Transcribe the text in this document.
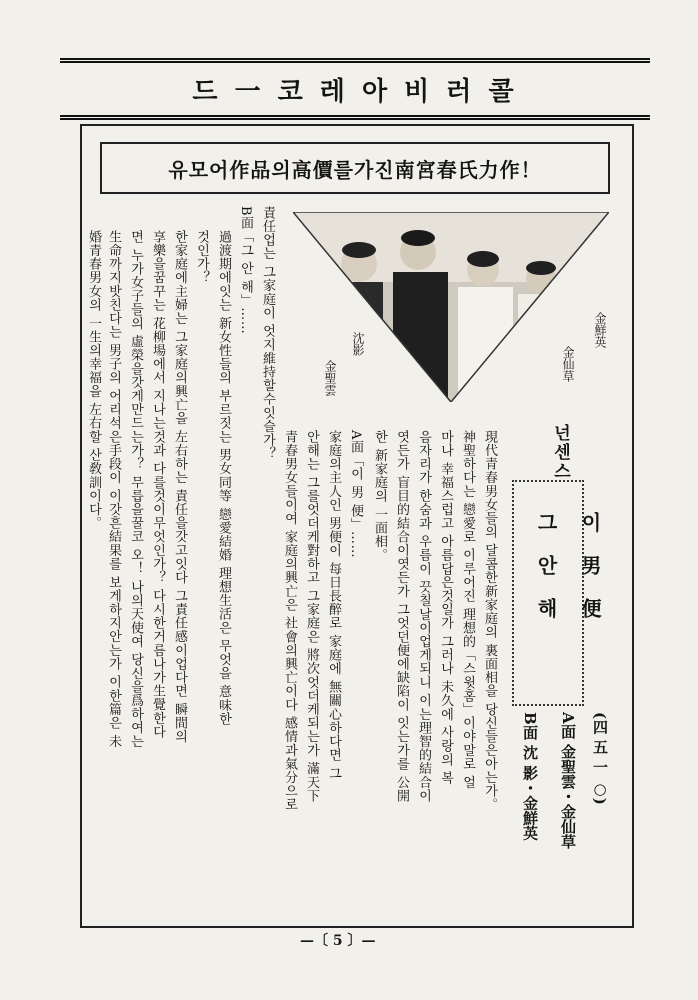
드 一 코 레 아 비 러 콜
유모어作品의高價를가진南宮春氏力作！
金鮮英
金仙草
沈影
金聖雲
(四 五 一 ○)
A面 金聖雲・金仙草
B面 沈 影・金鮮英
넌센스
이 男 便
그 안 해
現代青春男女들의 달콤한新家庭의 裏面相을 당신들은아는가。
神聖하다는 戀愛로 이루어진 理想的「스윗홈」이야말로 얼
마나 幸福스럽고 아름답은것일가 그러나 未久에 사랑의 복
음자리가 한숨과 우름이 끗칠날이업게되니 이는理智的結合이
엿든가 盲目的結合이엿든가 그엇던便에缺陷이 잇는가를 公開
한 新家庭의 一面相。
A面「이 男 便」……
家庭의主人인 男便이 每日長醉로 家庭에 無關心하다면 그
안해는 그를엇더케對하고 그家庭은 將次엇더케되는가 滿天下
青春男女들이여 家庭의興亡은 社會의興亡이다 感情과氣分으로
責任업는 그家庭이 엇지維持할수잇슬가？
B面「그 안 해」……
過渡期에잇는 新女性들의 부르짓는 男女同等 戀愛結婚 理想生活은 무엇을 意味한
것인가？
한家庭에主婦는 그家庭의興亡을 左右하는 責任을갓고잇다 그責任感이업다면 瞬間의
享樂을꿈꾸는 花柳場에서 지나는것과 다를것이무엇인가？ 다시한거름나가生覺한다
면 누가女子들의 虛榮을갓게만드는가？ 무릅을꿀코 오！ 나의天使여 당신을爲하여는
生命까지밧친다는 男子의 어리석은手段이 이갓흔結果를 보게하지안는가 이한篇은 未
婚青春男女의 一生의幸福을 左右할 산敎訓이다。
—〔 5 〕—
